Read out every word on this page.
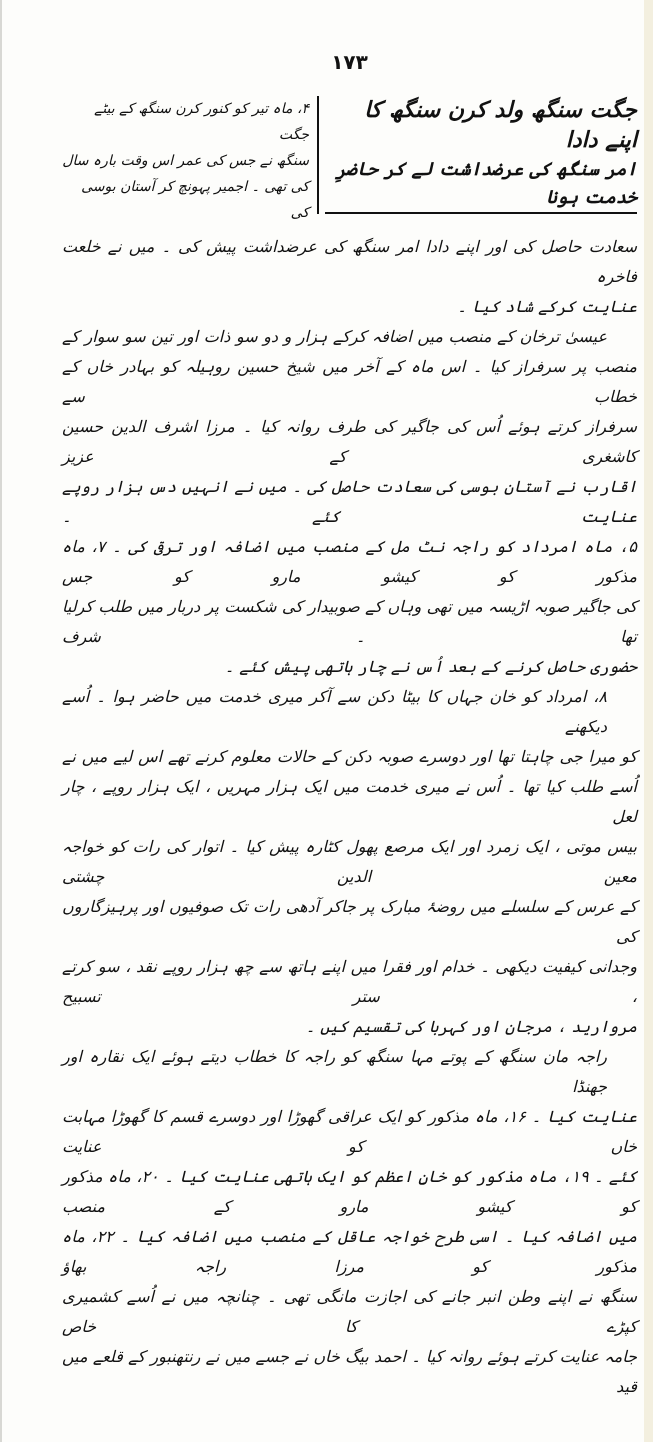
۱۷۳
جگت سنگھ ولد کرن سنگھ کا اپنے دادا
امر سنگھ کی عرضداشت لے کر حاضرِ خدمت ہونا
۴، ماہ تیر کو کنور کرن سنگھ کے بیٹے جگت
سنگھ نے جس کی عمر اس وقت بارہ سال
کی تھی ۔ اجمیر پہونچ کر آستان بوسی کی
سعادت حاصل کی اور اپنے دادا امر سنگھ کی عرضداشت پیش کی ۔ میں نے خلعت فاخرہ
عنایت کرکے شاد کیا ۔
عیسیٰ ترخان کے منصب میں اضافہ کرکے ہزار و دو سو ذات اور تین سو سوار کے
منصب پر سرفراز کیا ۔ اس ماہ کے آخر میں شیخ حسین روہیلہ کو بہادر خاں کے خطاب سے
سرفراز کرتے ہوئے اُس کی جاگیر کی طرف روانہ کیا ۔ مرزا اشرف الدین حسین کاشغری کے عزیز
اقارب نے آستان بوسی کی سعادت حاصل کی ۔ میں نے انہیں دس ہزار روپے عنایت کئے ۔
۵، ماہ امرداد کو راجہ نٹ مل کے منصب میں اضافہ اور ترقی کی ۔ ۷، ماہ مذکور کو کیشو مارو کو جس
کی جاگیر صوبہ اڑیسہ میں تھی وہاں کے صوبیدار کی شکست پر دربار میں طلب کرلیا تھا ۔ شرف
حضوری حاصل کرنے کے بعد اُس نے چار ہاتھی پیش کئے ۔
۸، امرداد کو خان جہاں کا بیٹا دکن سے آکر میری خدمت میں حاضر ہوا ۔ اُسے دیکھنے
کو میرا جی چاہتا تھا اور دوسرے صوبہ دکن کے حالات معلوم کرنے تھے اس لیے میں نے
اُسے طلب کیا تھا ۔ اُس نے میری خدمت میں ایک ہزار مہریں ، ایک ہزار روپے ، چار لعل
بیس موتی ، ایک زمرد اور ایک مرصع پھول کٹارہ پیش کیا ۔ اتوار کی رات کو خواجہ معین الدین چشتی
کے عرس کے سلسلے میں روضۂ مبارک پر جاکر آدھی رات تک صوفیوں اور پرہیزگاروں کی
وجدانی کیفیت دیکھی ۔ خدام اور فقرا میں اپنے ہاتھ سے چھ ہزار روپے نقد ، سو کرتے ، ستر تسبیح
مروارید ، مرجان اور کہربا کی تقسیم کیں ۔
راجہ مان سنگھ کے پوتے مہا سنگھ کو راجہ کا خطاب دیتے ہوئے ایک نقارہ اور جھنڈا
عنایت کیا ۔ ۱۶، ماہ مذکور کو ایک عراقی گھوڑا اور دوسرے قسم کا گھوڑا مہابت خاں کو عنایت
کئے ۔ ۱۹، ماہ مذکور کو خانِ اعظم کو ایک ہاتھی عنایت کیا ۔ ۲۰، ماہ مذکور کو کیشو مارو کے منصب
میں اضافہ کیا ۔ اسی طرح خواجہ عاقل کے منصب میں اضافہ کیا ۔ ۲۲، ماہ مذکور کو مرزا راجہ بھاؤ
سنگھ نے اپنے وطن انبر جانے کی اجازت مانگی تھی ۔ چنانچہ میں نے اُسے کشمیری کپڑے کا خاص
جامہ عنایت کرتے ہوئے روانہ کیا ۔ احمد بیگ خاں نے جسے میں نے رنتھنبور کے قلعے میں قید
